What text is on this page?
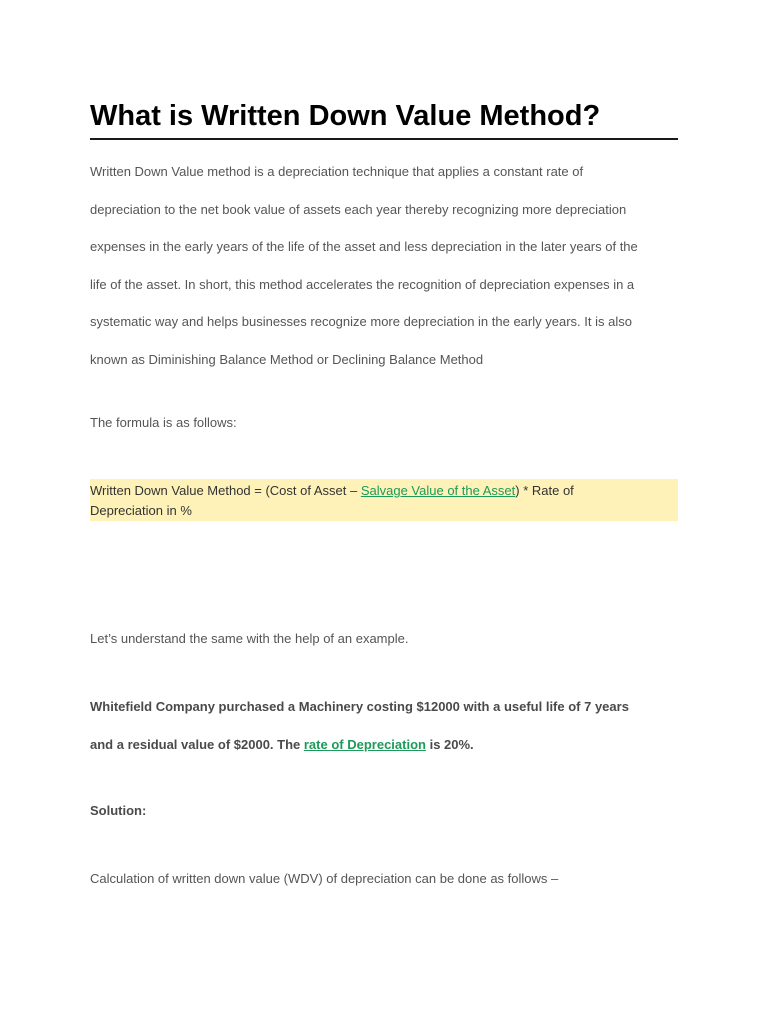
What is Written Down Value Method?

Written Down Value method is a depreciation technique that applies a constant rate of
depreciation to the net book value of assets each year thereby recognizing more depreciation
expenses in the early years of the life of the asset and less depreciation in the later years of the
life of the asset. In short, this method accelerates the recognition of depreciation expenses in a
systematic way and helps businesses recognize more depreciation in the early years. It is also
known as Diminishing Balance Method or Declining Balance Method

The formula is as follows:

Written Down Value Method = (Cost of Asset – Salvage Value of the Asset) * Rate of
Depreciation in %

Let’s understand the same with the help of an example.

Whitefield Company purchased a Machinery costing $12000 with a useful life of 7 years
and a residual value of $2000. The rate of Depreciation is 20%.

Solution:

Calculation of written down value (WDV) of depreciation can be done as follows –
